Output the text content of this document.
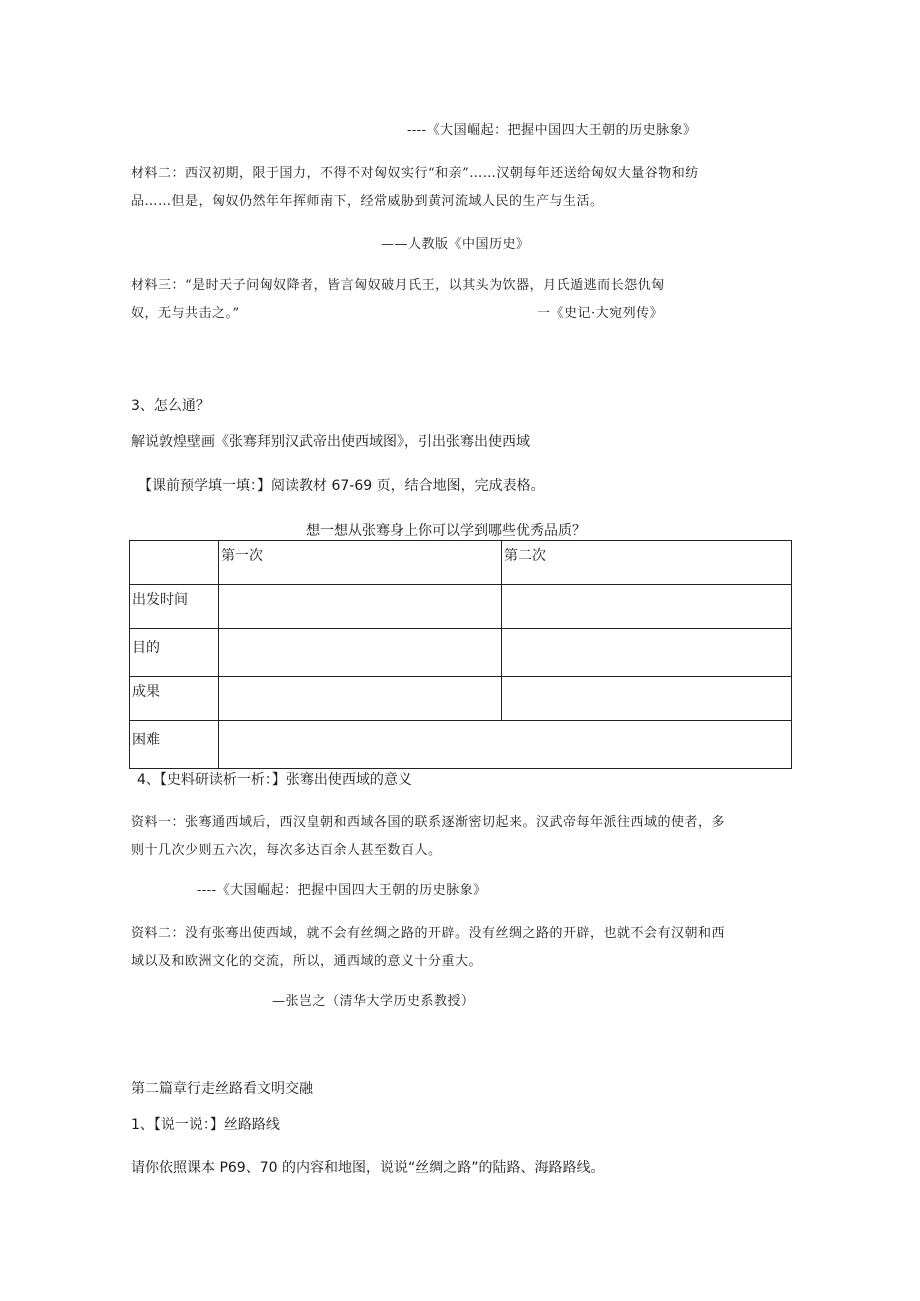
----《大国崛起：把握中国四大王朝的历史脉象》
材料二：西汉初期，限于国力，不得不对匈奴实行“和亲”……汉朝每年还送给匈奴大量谷物和纺
品……但是，匈奴仍然年年挥师南下，经常威胁到黄河流域人民的生产与生活。
——人教版《中国历史》
材料三：“是时天子问匈奴降者，皆言匈奴破月氏王，以其头为饮器，月氏遁逃而长怨仇匈
奴，无与共击之。”	一《史记·大宛列传》
3、怎么通？
解说敦煌壁画《张骞拜别汉武帝出使西域图》，引出张骞出使西域
【课前预学填一填：】阅读教材 67-69 页，结合地图，完成表格。
想一想从张骞身上你可以学到哪些优秀品质？
	第一次	第二次
出发时间		
目的		
成果		
困难		
4、【史料研读析一析：】张骞出使西域的意义
资料一：张骞通西域后，西汉皇朝和西域各国的联系逐渐密切起来。汉武帝每年派往西域的使者，多
则十几次少则五六次，每次多达百余人甚至数百人。
----《大国崛起：把握中国四大王朝的历史脉象》
资料二：没有张骞出使西域，就不会有丝绸之路的开辟。没有丝绸之路的开辟，也就不会有汉朝和西
域以及和欧洲文化的交流，所以，通西域的意义十分重大。
—张岂之（清华大学历史系教授）
第二篇章行走丝路看文明交融
1、【说一说：】丝路路线
请你依照课本 P69、70 的内容和地图，说说“丝绸之路”的陆路、海路路线。
